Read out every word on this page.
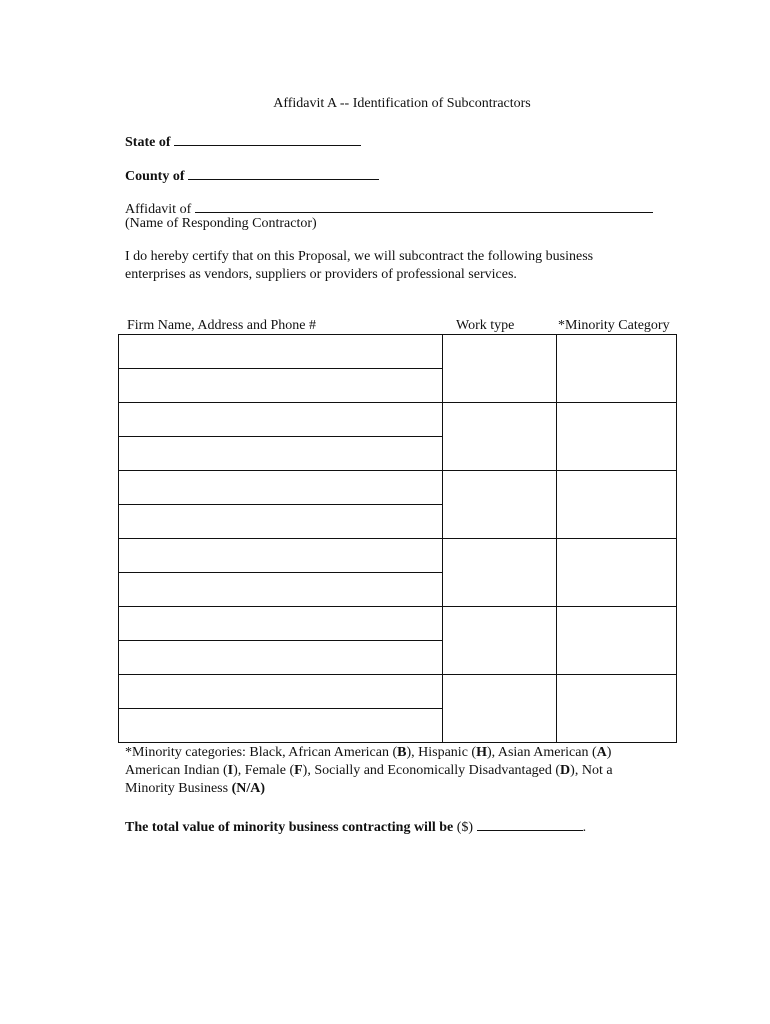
Affidavit A -- Identification of Subcontractors
State of
County of
Affidavit of
(Name of Responding Contractor)
I do hereby certify that on this Proposal, we will subcontract the following business
enterprises as vendors, suppliers or providers of professional services.
Firm Name, Address and Phone #	Work type	*Minority Category

*Minority categories: Black, African American (B), Hispanic (H), Asian American (A)
American Indian (I), Female (F), Socially and Economically Disadvantaged (D), Not a
Minority Business (N/A)
The total value of minority business contracting will be ($)	.
